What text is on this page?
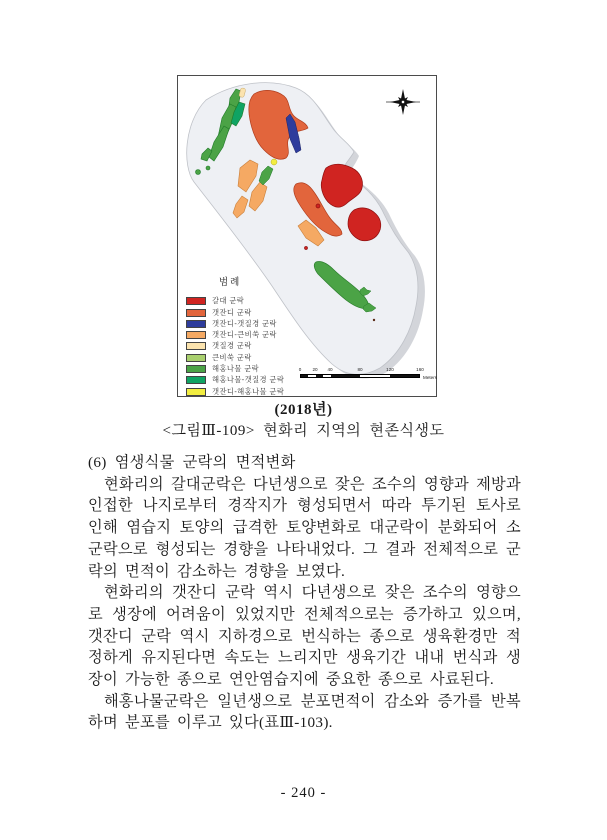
범례
갈대 군락
갯잔디 군락
갯잔디-갯질경 군락
갯잔디-큰비쑥 군락
갯질경 군락
큰비쑥 군락
해홍나물 군락
해홍나물-갯질경 군락
갯잔디-해홍나물 군락
0 20 40	80	120	160
Meters
(2018년)
<그림Ⅲ-109> 현화리 지역의 현존식생도

(6) 염생식물 군락의 면적변화

현화리의 갈대군락은 다년생으로 잦은 조수의 영향과 제방과 인접한 나지로부터 경작지가 형성되면서 따라 투기된 토사로 인해 염습지 토양의 급격한 토양변화로 대군락이 분화되어 소군락으로 형성되는 경향을 나타내었다. 그 결과 전체적으로 군락의 면적이 감소하는 경향을 보였다.

현화리의 갯잔디 군락 역시 다년생으로 잦은 조수의 영향으로 생장에 어려움이 있었지만 전체적으로는 증가하고 있으며, 갯잔디 군락 역시 지하경으로 번식하는 종으로 생육환경만 적정하게 유지된다면 속도는 느리지만 생육기간 내내 번식과 생장이 가능한 종으로 연안염습지에 중요한 종으로 사료된다.

해홍나물군락은 일년생으로 분포면적이 감소와 증가를 반복하며 분포를 이루고 있다(표Ⅲ-103).

- 240 -
